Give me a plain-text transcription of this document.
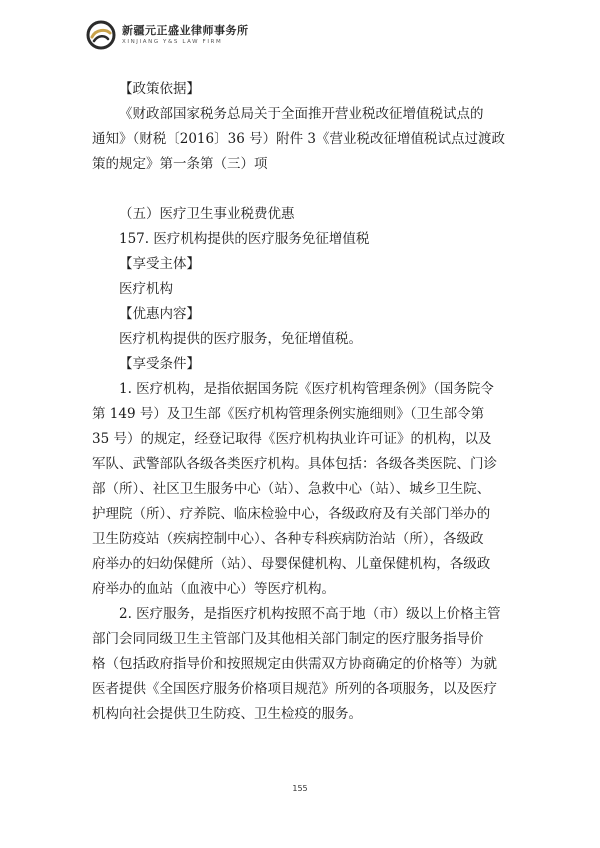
新疆元正盛业律师事务所
XINJIANG Y&S LAW FIRM
【政策依据】
《财政部国家税务总局关于全面推开营业税改征增值税试点的
通知》（财税〔2016〕36 号）附件 3《营业税改征增值税试点过渡政
策的规定》第一条第（三）项
（五）医疗卫生事业税费优惠
157. 医疗机构提供的医疗服务免征增值税
【享受主体】
医疗机构
【优惠内容】
医疗机构提供的医疗服务，免征增值税。
【享受条件】
1. 医疗机构，是指依据国务院《医疗机构管理条例》（国务院令
第 149 号）及卫生部《医疗机构管理条例实施细则》（卫生部令第
35 号）的规定，经登记取得《医疗机构执业许可证》的机构，以及
军队、武警部队各级各类医疗机构。具体包括：各级各类医院、门诊
部（所）、社区卫生服务中心（站）、急救中心（站）、城乡卫生院、
护理院（所）、疗养院、临床检验中心，各级政府及有关部门举办的
卫生防疫站（疾病控制中心）、各种专科疾病防治站（所），各级政
府举办的妇幼保健所（站）、母婴保健机构、儿童保健机构，各级政
府举办的血站（血液中心）等医疗机构。
2. 医疗服务，是指医疗机构按照不高于地（市）级以上价格主管
部门会同同级卫生主管部门及其他相关部门制定的医疗服务指导价
格（包括政府指导价和按照规定由供需双方协商确定的价格等）为就
医者提供《全国医疗服务价格项目规范》所列的各项服务，以及医疗
机构向社会提供卫生防疫、卫生检疫的服务。
155
